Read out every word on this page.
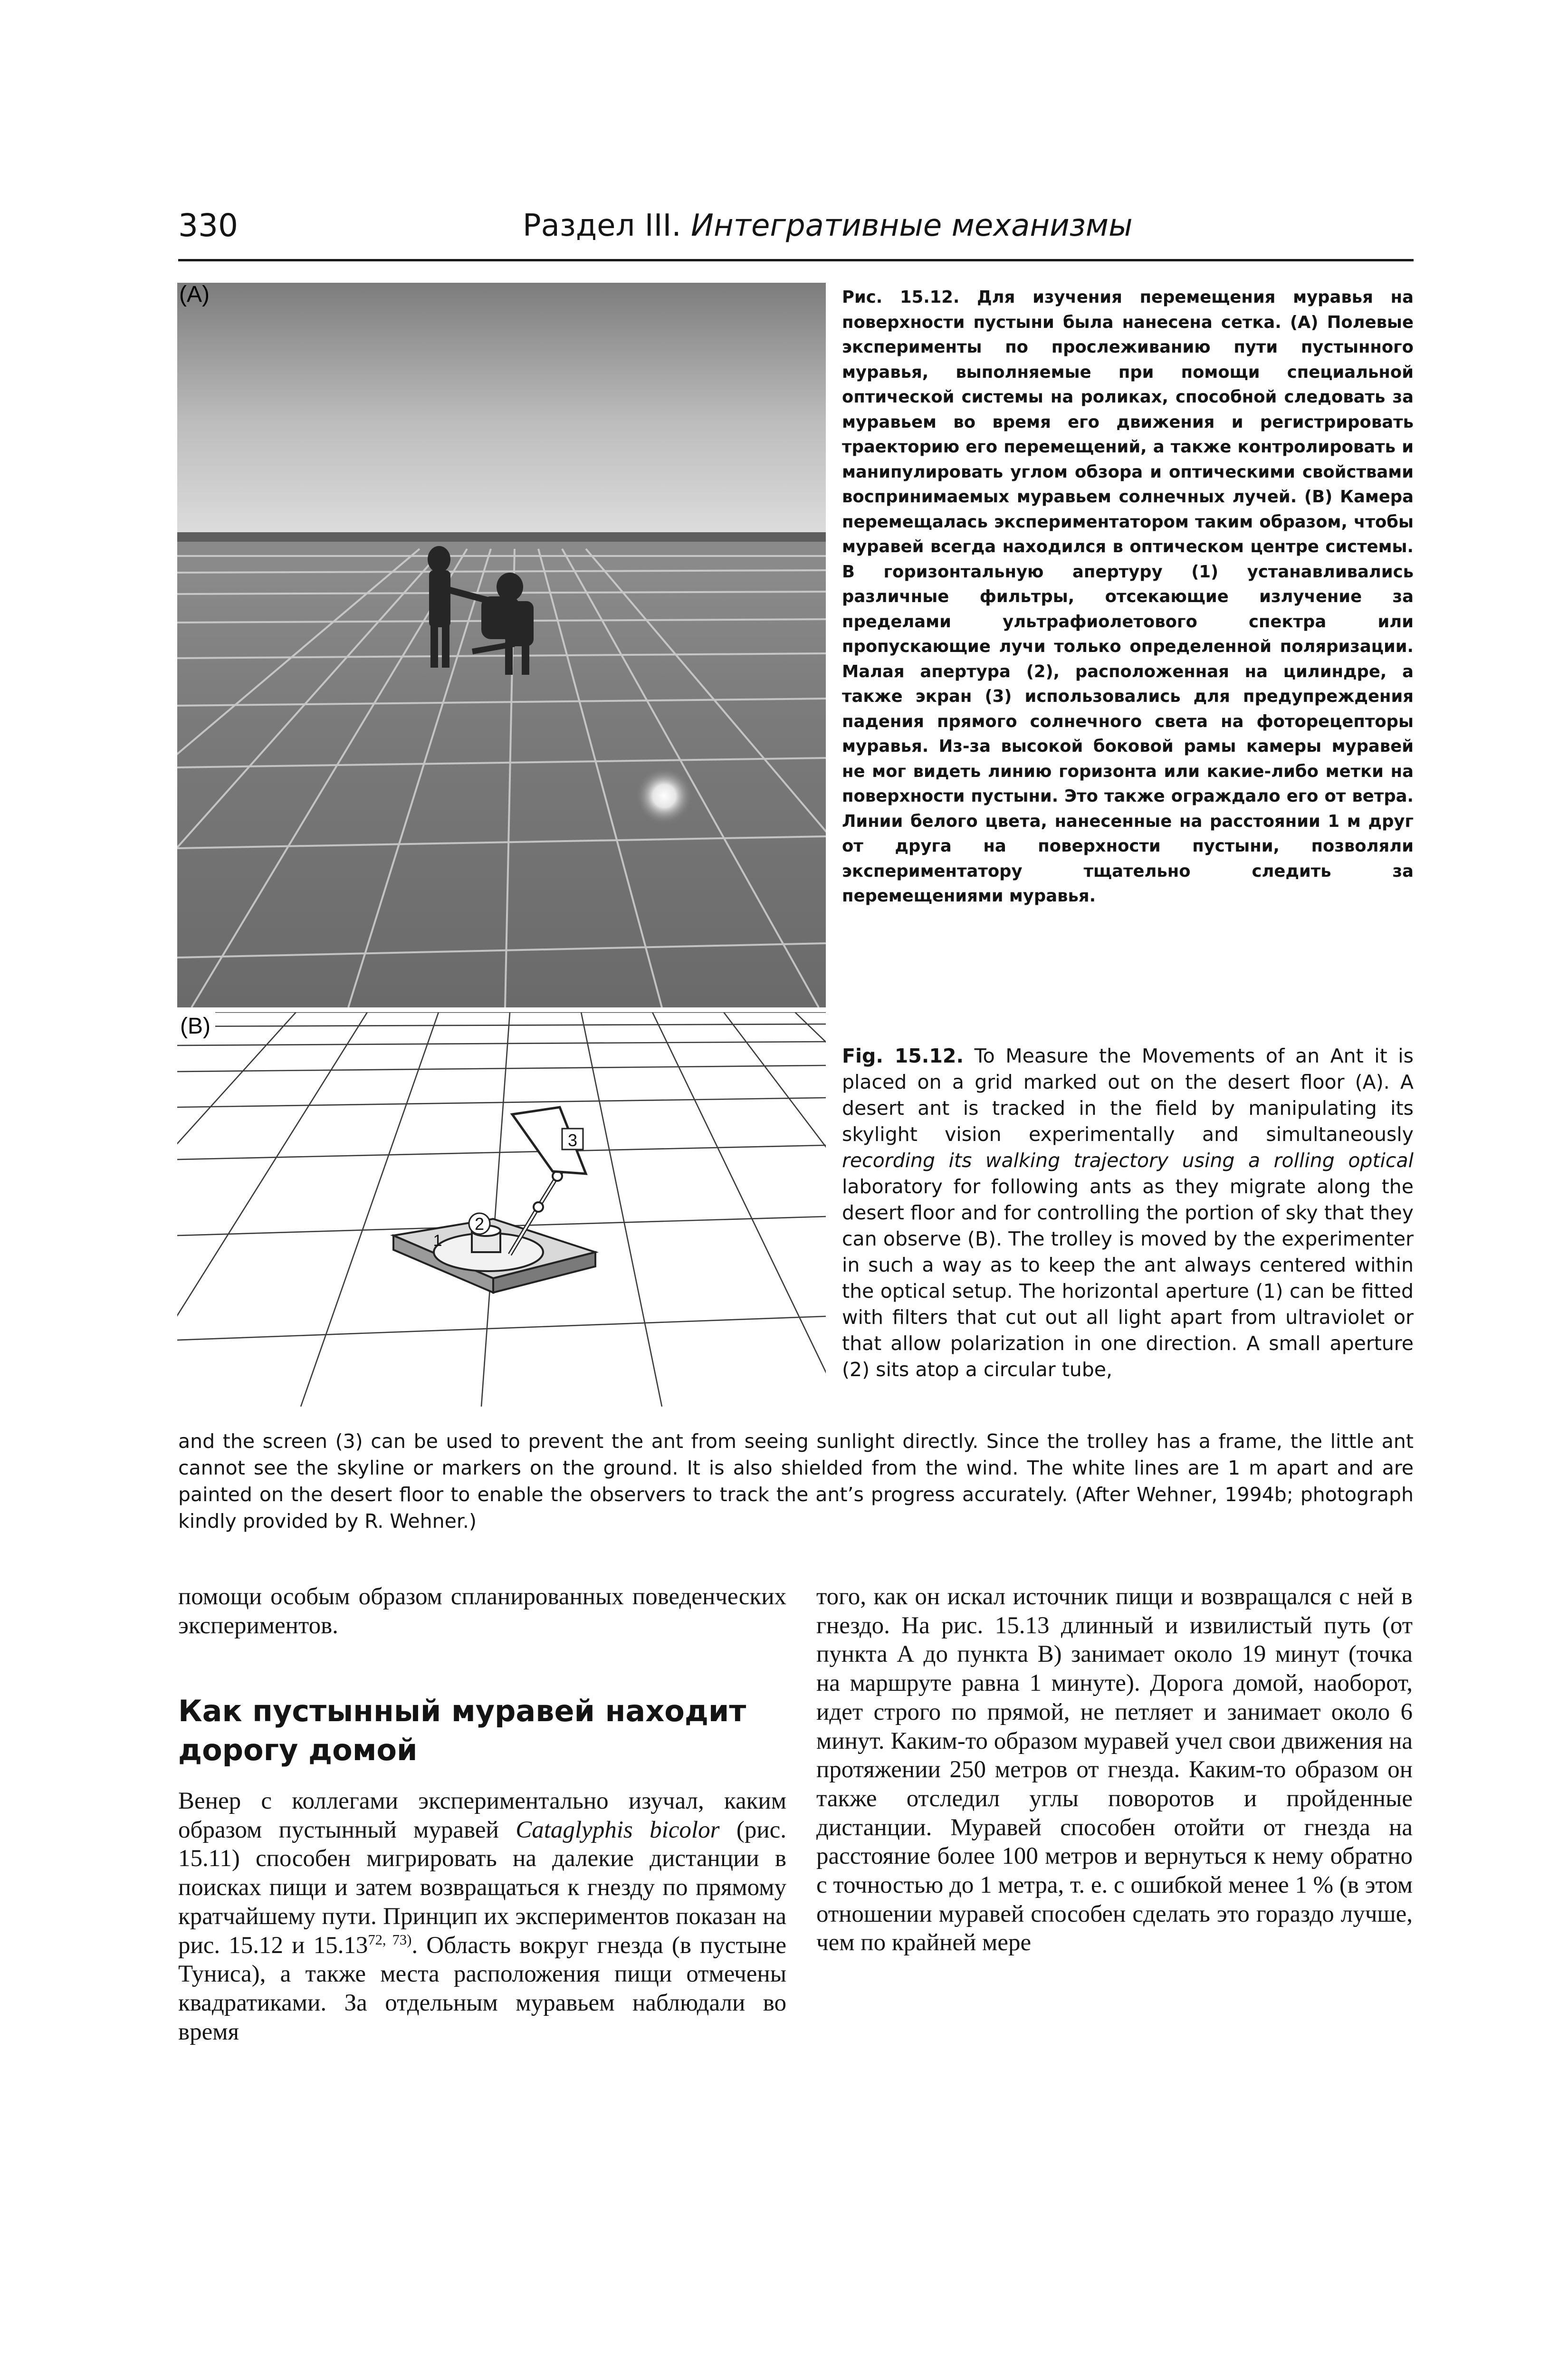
330	Раздел III. Интегративные механизмы
(A)
2
1
3
(B)

Рис. 15.12. Для изучения перемещения муравья на поверхности пустыни была нанесена сетка. (А) Полевые эксперименты по прослеживанию пути пустынного муравья, выполняемые при помощи специальной оптической системы на роликах, способной следовать за муравьем во время его движения и регистрировать траекторию его перемещений, а также контролировать и манипулировать углом обзора и оптическими свойствами воспринимаемых муравьем солнечных лучей. (В) Камера перемещалась экспериментатором таким образом, чтобы муравей всегда находился в оптическом центре системы. В горизонтальную апертуру (1) устанавливались различные фильтры, отсекающие излучение за пределами ультрафиолетового спектра или пропускающие лучи только определенной поляризации. Малая апертура (2), расположенная на цилиндре, а также экран (3) использовались для предупреждения падения прямого солнечного света на фоторецепторы муравья. Из-за высокой боковой рамы камеры муравей не мог видеть линию горизонта или какие-либо метки на поверхности пустыни. Это также ограждало его от ветра. Линии белого цвета, нанесенные на расстоянии 1 м друг от друга на поверхности пустыни, позволяли экспериментатору тщательно следить за перемещениями муравья.

Fig. 15.12. To Measure the Movements of an Ant it is placed on a grid marked out on the desert floor (A). A desert ant is tracked in the field by manipulating its skylight vision experimentally and simultaneously recording its walking trajectory using a rolling optical laboratory for following ants as they migrate along the desert floor and for controlling the portion of sky that they can observe (B). The trolley is moved by the experimenter in such a way as to keep the ant always centered within the optical setup. The horizontal aperture (1) can be fitted with filters that cut out all light apart from ultraviolet or that allow polarization in one direction. A small aperture (2) sits atop a circular tube,

and the screen (3) can be used to prevent the ant from seeing sunlight directly. Since the trolley has a frame, the little ant cannot see the skyline or markers on the ground. It is also shielded from the wind. The white lines are 1 m apart and are painted on the desert floor to enable the observers to track the ant’s progress accurately. (After Wehner, 1994b; photograph kindly provided by R. Wehner.)

помощи особым образом спланированных поведенческих экспериментов.

Как пустынный муравей находит дорогу домой

Венер с коллегами экспериментально изучал, каким образом пустынный муравей Cataglyphis bicolor (рис. 15.11) способен мигрировать на далекие дистанции в поисках пищи и затем возвращаться к гнезду по прямому кратчайшему пути. Принцип их экспериментов показан на рис. 15.12 и 15.13$^{72, 73)}$. Область вокруг гнезда (в пустыне Туниса), а также места расположения пищи отмечены квадратиками. За отдельным муравьем наблюдали во время

того, как он искал источник пищи и возвращался с ней в гнездо. На рис. 15.13 длинный и извилистый путь (от пункта А до пункта В) занимает около 19 минут (точка на маршруте равна 1 минуте). Дорога домой, наоборот, идет строго по прямой, не петляет и занимает около 6 минут. Каким-то образом муравей учел свои движения на протяжении 250 метров от гнезда. Каким-то образом он также отследил углы поворотов и пройденные дистанции. Муравей способен отойти от гнезда на расстояние более 100 метров и вернуться к нему обратно с точностью до 1 метра, т. е. с ошибкой менее 1 % (в этом отношении муравей способен сделать это гораздо лучше, чем по крайней мере
